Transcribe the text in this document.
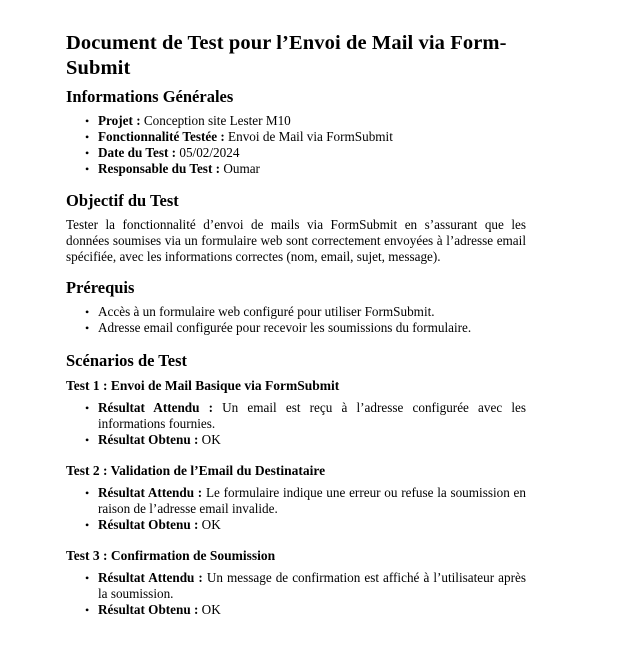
Document de Test pour l’Envoi de Mail via Form-
Submit
Informations Générales
• Projet : Conception site Lester M10
• Fonctionnalité Testée : Envoi de Mail via FormSubmit
• Date du Test : 05/02/2024
• Responsable du Test : Oumar
Objectif du Test

Tester la fonctionnalité d’envoi de mails via FormSubmit en s’assurant que les données soumises via un formulaire web sont correctement envoyées à l’adresse email spécifiée, avec les informations correctes (nom, email, sujet, message).

Prérequis
• Accès à un formulaire web configuré pour utiliser FormSubmit.
• Adresse email configurée pour recevoir les soumissions du formulaire.
Scénarios de Test
Test 1 : Envoi de Mail Basique via FormSubmit
• Résultat Attendu : Un email est reçu à l’adresse configurée avec les informations fournies.
• Résultat Obtenu : OK
Test 2 : Validation de l’Email du Destinataire
• Résultat Attendu : Le formulaire indique une erreur ou refuse la soumission en raison de l’adresse email invalide.
• Résultat Obtenu : OK
Test 3 : Confirmation de Soumission
• Résultat Attendu : Un message de confirmation est affiché à l’utilisateur après la soumission.
• Résultat Obtenu : OK
